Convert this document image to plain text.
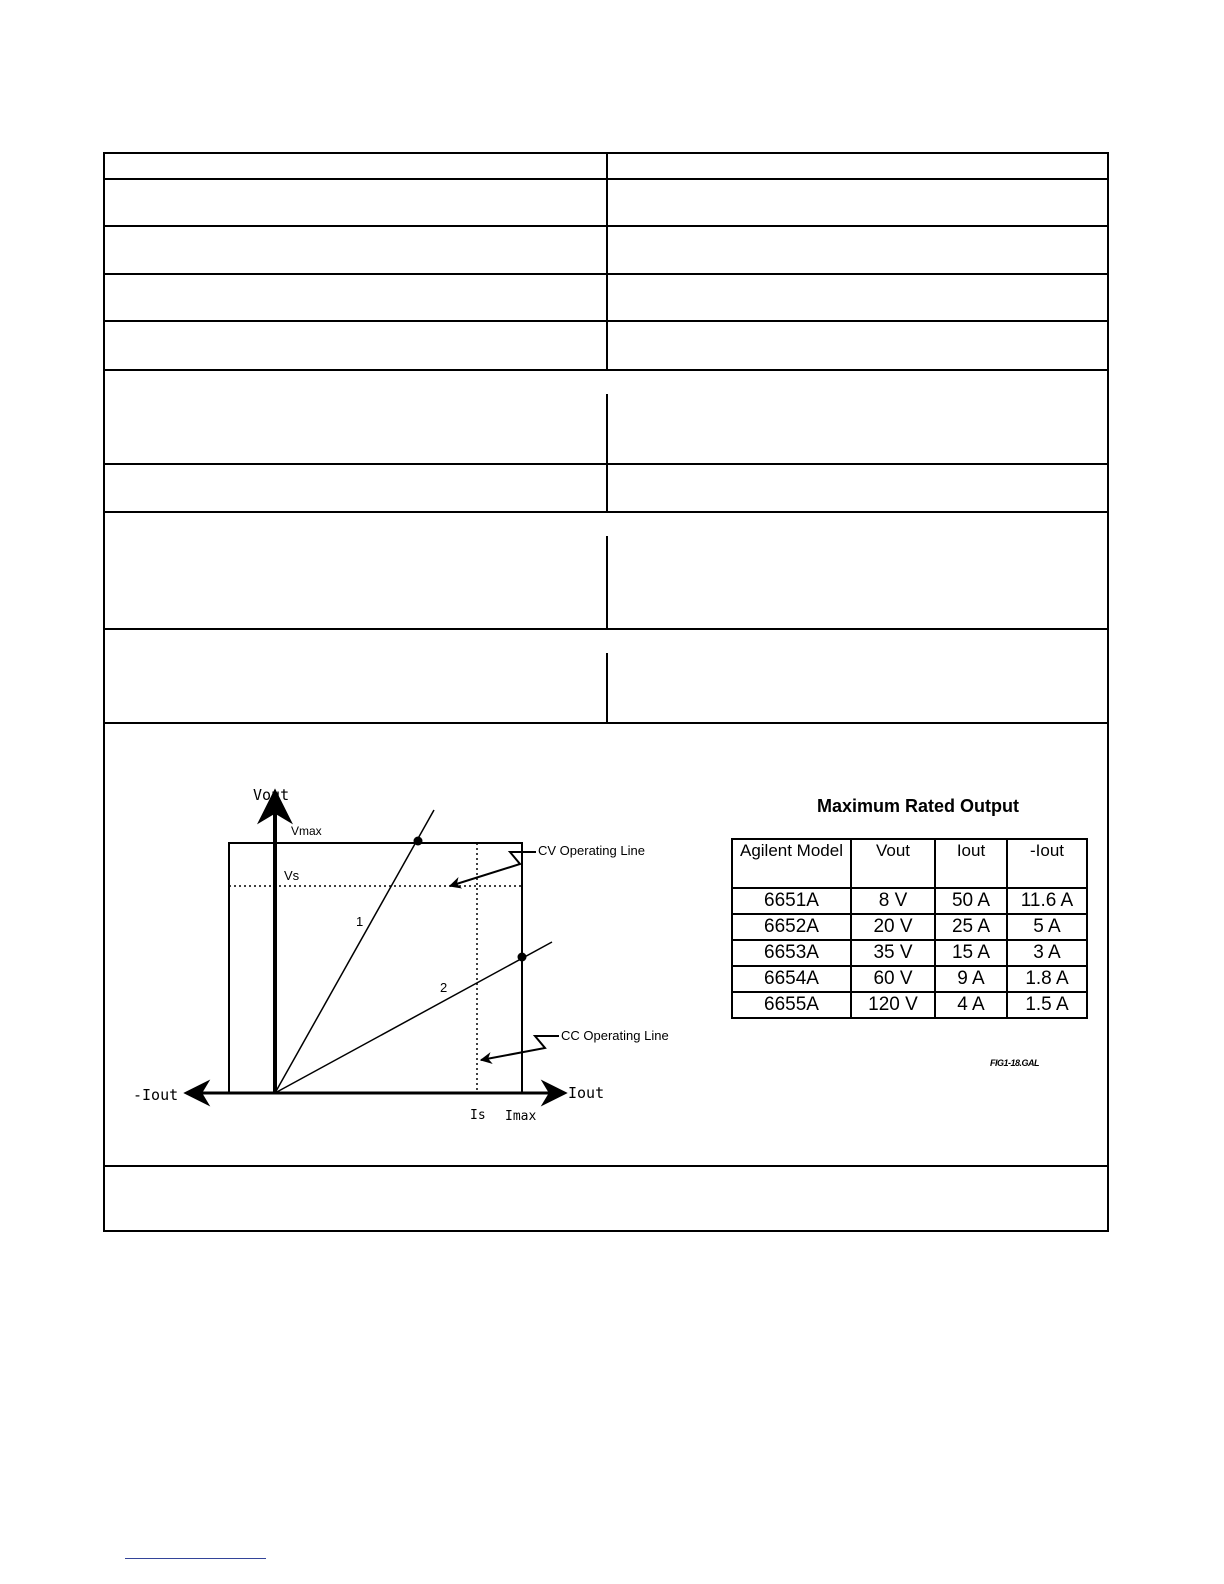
Vout
Vmax
Vs
1
2
-Iout	Iout
Is Imax
CV Operating Line
CC Operating Line
Maximum Rated Output
Agilent Model	Vout	Iout	-Iout
6651A	8 V	50 A	11.6 A
6652A	20 V	25 A	5 A
6653A	35 V	15 A	3 A
6654A	60 V	9 A	1.8 A
6655A	120 V	4 A	1.5 A
FIG1-18.GAL
